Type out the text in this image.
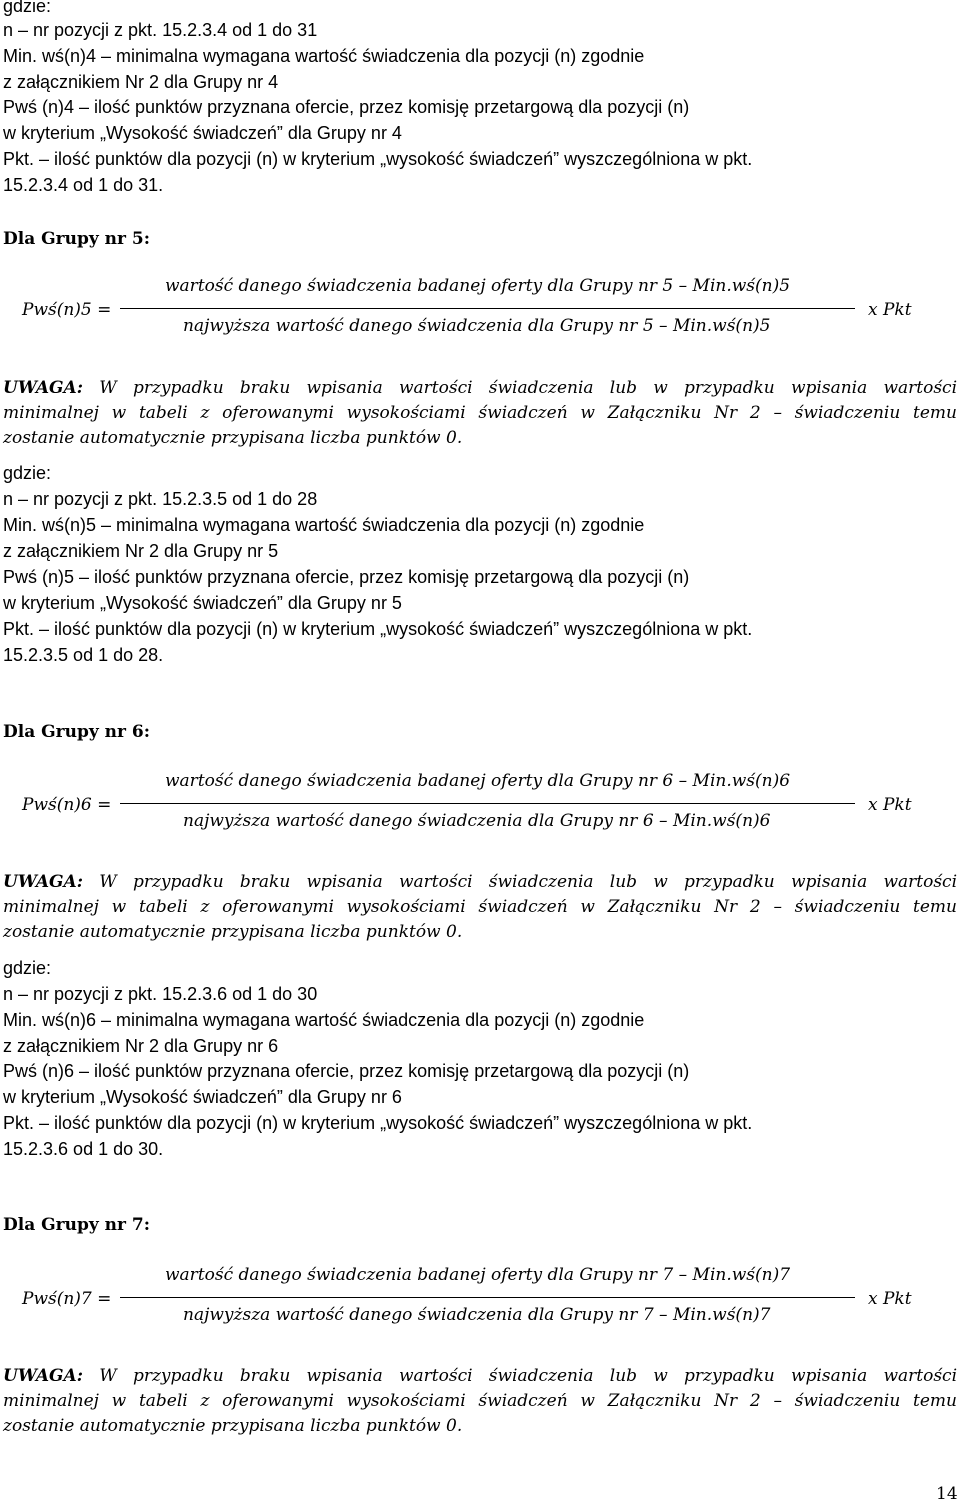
gdzie:
n – nr pozycji z pkt. 15.2.3.4 od 1 do 31
Min. wś(n)4 – minimalna wymagana wartość świadczenia dla pozycji (n) zgodnie
z załącznikiem Nr 2 dla Grupy nr 4
Pwś (n)4 – ilość punktów przyznana ofercie, przez komisję przetargową dla pozycji (n)
w kryterium „Wysokość świadczeń” dla Grupy nr 4
Pkt. – ilość punktów dla pozycji (n) w kryterium „wysokość świadczeń” wyszczególniona w pkt.
15.2.3.4 od 1 do 31.
Dla Grupy nr 5:
Pwś(n)5 =
wartość danego świadczenia badanej oferty dla Grupy nr 5 – Min.wś(n)5
najwyższa wartość danego świadczenia dla Grupy nr 5 – Min.wś(n)5
x Pkt
UWAGA: W przypadku braku wpisania wartości świadczenia lub w przypadku wpisania wartości
minimalnej w tabeli z oferowanymi wysokościami świadczeń w Załączniku Nr 2 – świadczeniu temu
zostanie automatycznie przypisana liczba punktów 0.
gdzie:
n – nr pozycji z pkt. 15.2.3.5 od 1 do 28
Min. wś(n)5 – minimalna wymagana wartość świadczenia dla pozycji (n) zgodnie
z załącznikiem Nr 2 dla Grupy nr 5
Pwś (n)5 – ilość punktów przyznana ofercie, przez komisję przetargową dla pozycji (n)
w kryterium „Wysokość świadczeń” dla Grupy nr 5
Pkt. – ilość punktów dla pozycji (n) w kryterium „wysokość świadczeń” wyszczególniona w pkt.
15.2.3.5 od 1 do 28.
Dla Grupy nr 6:
Pwś(n)6 =
wartość danego świadczenia badanej oferty dla Grupy nr 6 – Min.wś(n)6
najwyższa wartość danego świadczenia dla Grupy nr 6 – Min.wś(n)6
x Pkt
UWAGA: W przypadku braku wpisania wartości świadczenia lub w przypadku wpisania wartości
minimalnej w tabeli z oferowanymi wysokościami świadczeń w Załączniku Nr 2 – świadczeniu temu
zostanie automatycznie przypisana liczba punktów 0.
gdzie:
n – nr pozycji z pkt. 15.2.3.6 od 1 do 30
Min. wś(n)6 – minimalna wymagana wartość świadczenia dla pozycji (n) zgodnie
z załącznikiem Nr 2 dla Grupy nr 6
Pwś (n)6 – ilość punktów przyznana ofercie, przez komisję przetargową dla pozycji (n)
w kryterium „Wysokość świadczeń” dla Grupy nr 6
Pkt. – ilość punktów dla pozycji (n) w kryterium „wysokość świadczeń” wyszczególniona w pkt.
15.2.3.6 od 1 do 30.
Dla Grupy nr 7:
Pwś(n)7 =
wartość danego świadczenia badanej oferty dla Grupy nr 7 – Min.wś(n)7
najwyższa wartość danego świadczenia dla Grupy nr 7 – Min.wś(n)7
x Pkt
UWAGA: W przypadku braku wpisania wartości świadczenia lub w przypadku wpisania wartości
minimalnej w tabeli z oferowanymi wysokościami świadczeń w Załączniku Nr 2 – świadczeniu temu
zostanie automatycznie przypisana liczba punktów 0.
14
